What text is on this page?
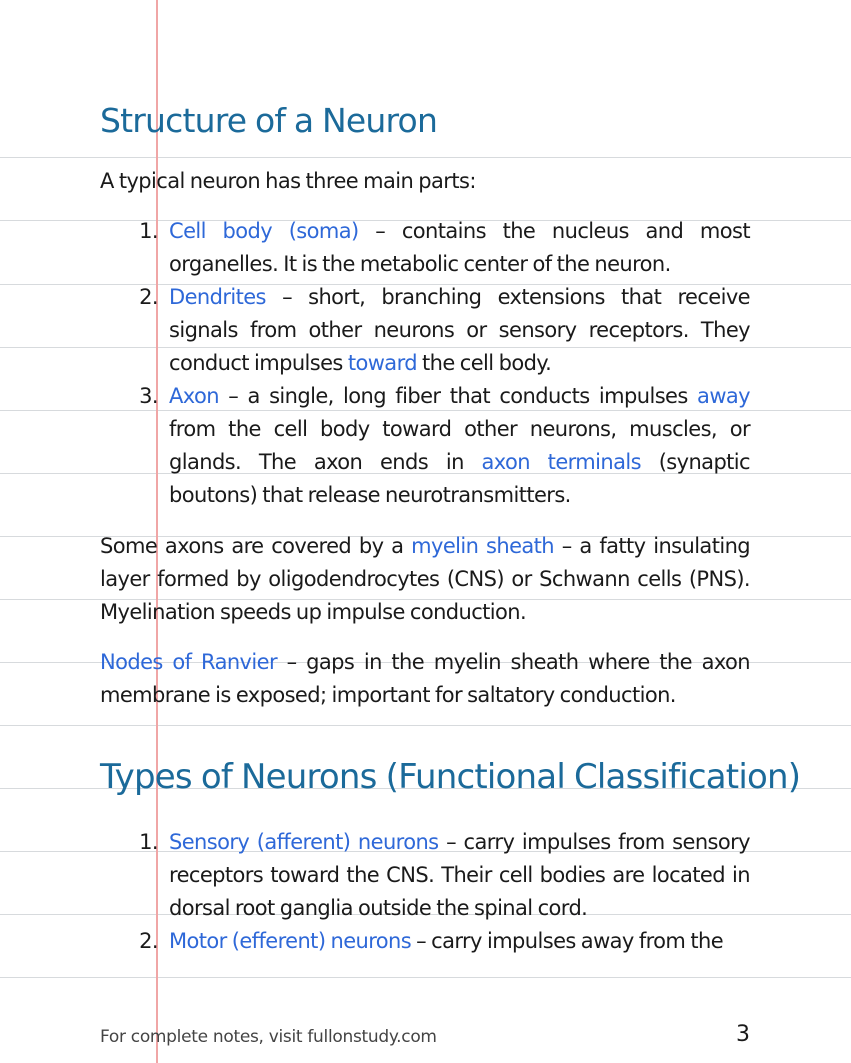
Structure of a Neuron

A typical neuron has three main parts:

1. Cell body (soma) – contains the nucleus and most organelles. It is the metabolic center of the neuron.
2. Dendrites – short, branching extensions that receive signals from other neurons or sensory receptors. They conduct impulses toward the cell body.
3. Axon – a single, long fiber that conducts impulses away from the cell body toward other neurons, muscles, or glands. The axon ends in axon terminals (synaptic boutons) that release neurotransmitters.

Some axons are covered by a myelin sheath – a fatty insulating layer formed by oligodendrocytes (CNS) or Schwann cells (PNS). Myelination speeds up impulse conduction.

Nodes of Ranvier – gaps in the myelin sheath where the axon membrane is exposed; important for saltatory conduction.

Types of Neurons (Functional Classification)
1. Sensory (afferent) neurons – carry impulses from sensory receptors toward the CNS. Their cell bodies are located in dorsal root ganglia outside the spinal cord.
2. Motor (efferent) neurons – carry impulses away from the
For complete notes, visit fullonstudy.com	3
